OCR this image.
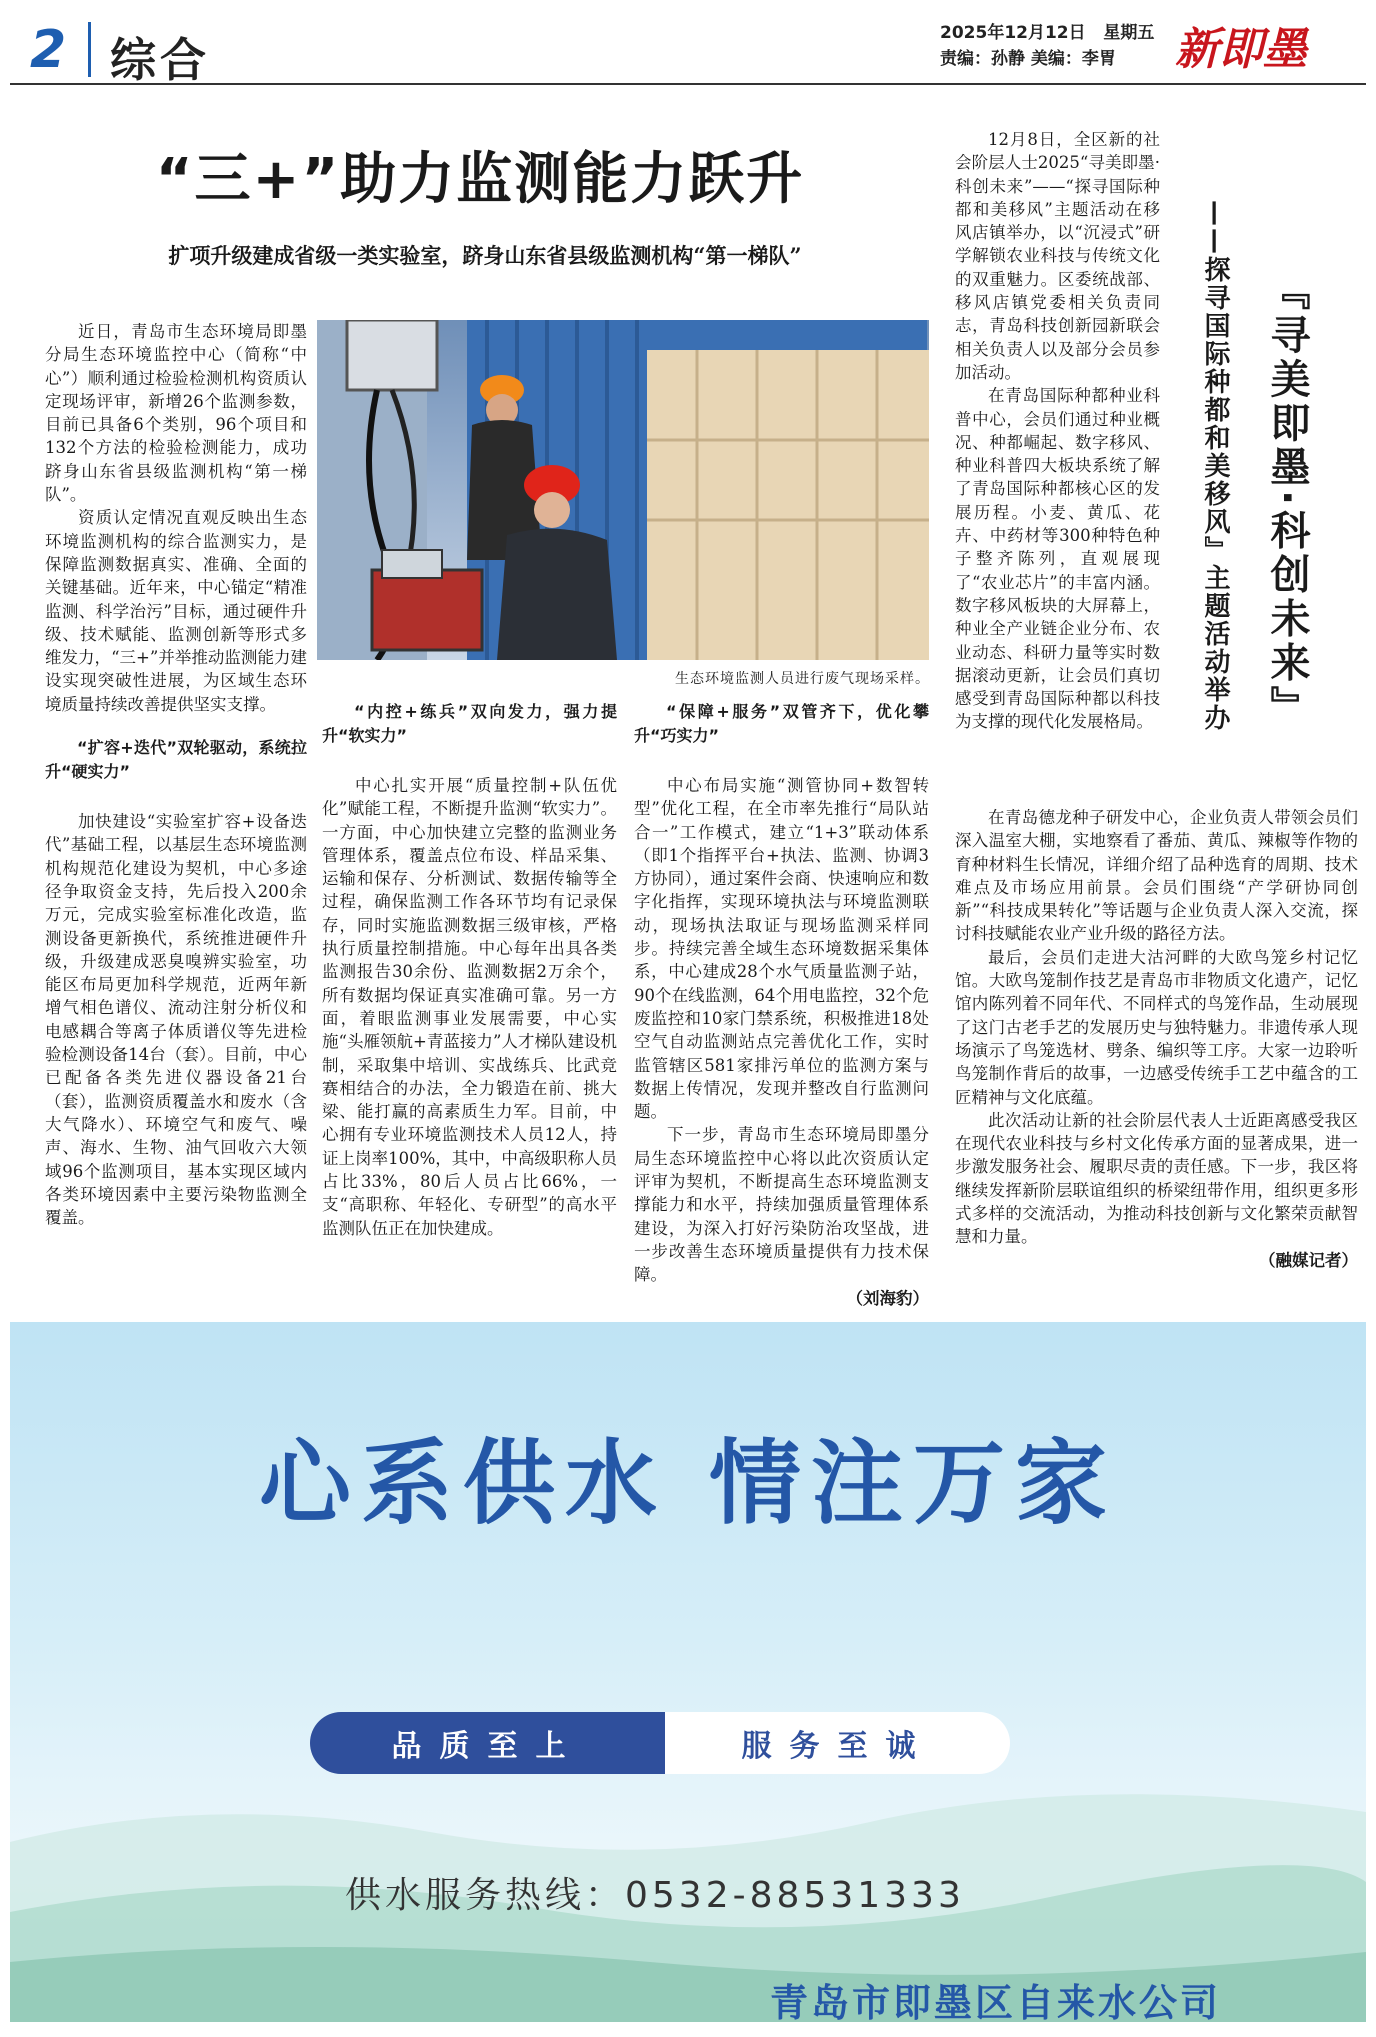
2 综合	2025年12月12日 星期五
责编：孙静 美编：李胃	新即墨
“三+”助力监测能力跃升
扩项升级建成省级一类实验室，跻身山东省县级监测机构“第一梯队”
生态环境监测人员进行废气现场采样。

近日，青岛市生态环境局即墨分局生态环境监控中心（简称“中心”）顺利通过检验检测机构资质认定现场评审，新增26个监测参数，目前已具备6个类别，96个项目和132个方法的检验检测能力，成功跻身山东省县级监测机构“第一梯队”。

资质认定情况直观反映出生态环境监测机构的综合监测实力，是保障监测数据真实、准确、全面的关键基础。近年来，中心锚定“精准监测、科学治污”目标，通过硬件升级、技术赋能、监测创新等形式多维发力，“三+”并举推动监测能力建设实现突破性进展，为区域生态环境质量持续改善提供坚实支撑。

“扩容+迭代”双轮驱动，系统拉升“硬实力”

加快建设“实验室扩容+设备迭代”基础工程，以基层生态环境监测机构规范化建设为契机，中心多途径争取资金支持，先后投入200余万元，完成实验室标准化改造，监测设备更新换代，系统推进硬件升级，升级建成恶臭嗅辨实验室，功能区布局更加科学规范，近两年新增气相色谱仪、流动注射分析仪和电感耦合等离子体质谱仪等先进检验检测设备14台（套）。目前，中心已配备各类先进仪器设备21台（套），监测资质覆盖水和废水（含大气降水）、环境空气和废气、噪声、海水、生物、油气回收六大领域96个监测项目，基本实现区域内各类环境因素中主要污染物监测全覆盖。

“内控+练兵”双向发力，强力提升“软实力”

中心扎实开展“质量控制+队伍优化”赋能工程，不断提升监测“软实力”。一方面，中心加快建立完整的监测业务管理体系，覆盖点位布设、样品采集、运输和保存、分析测试、数据传输等全过程，确保监测工作各环节均有记录保存，同时实施监测数据三级审核，严格执行质量控制措施。中心每年出具各类监测报告30余份、监测数据2万余个，所有数据均保证真实准确可靠。另一方面，着眼监测事业发展需要，中心实施“头雁领航+青蓝接力”人才梯队建设机制，采取集中培训、实战练兵、比武竞赛相结合的办法，全力锻造在前、挑大梁、能打赢的高素质生力军。目前，中心拥有专业环境监测技术人员12人，持证上岗率100%，其中，中高级职称人员占比33%，80后人员占比66%，一支“高职称、年轻化、专研型”的高水平监测队伍正在加快建成。

“保障+服务”双管齐下，优化攀升“巧实力”

中心布局实施“测管协同+数智转型”优化工程，在全市率先推行“局队站合一”工作模式，建立“1+3”联动体系（即1个指挥平台+执法、监测、协调3方协同），通过案件会商、快速响应和数字化指挥，实现环境执法与环境监测联动，现场执法取证与现场监测采样同步。持续完善全域生态环境数据采集体系，中心建成28个水气质量监测子站，90个在线监测，64个用电监控，32个危废监控和10家门禁系统，积极推进18处空气自动监测站点完善优化工作，实时监管辖区581家排污单位的监测方案与数据上传情况，发现并整改自行监测问题。

下一步，青岛市生态环境局即墨分局生态环境监控中心将以此次资质认定评审为契机，不断提高生态环境监测支撑能力和水平，持续加强质量管理体系建设，为深入打好污染防治攻坚战，进一步改善生态环境质量提供有力技术保障。

（刘海豹）
『寻美即墨·科创未来』
——探寻国际种都和美移风』主题活动举办

12月8日，全区新的社会阶层人士2025“寻美即墨·科创未来”——“探寻国际种都和美移风”主题活动在移风店镇举办，以“沉浸式”研学解锁农业科技与传统文化的双重魅力。区委统战部、移风店镇党委相关负责同志，青岛科技创新园新联会相关负责人以及部分会员参加活动。

在青岛国际种都种业科普中心，会员们通过种业概况、种都崛起、数字移风、种业科普四大板块系统了解了青岛国际种都核心区的发展历程。小麦、黄瓜、花卉、中药材等300种特色种子整齐陈列，直观展现了“农业芯片”的丰富内涵。数字移风板块的大屏幕上，种业全产业链企业分布、农业动态、科研力量等实时数据滚动更新，让会员们真切感受到青岛国际种都以科技为支撑的现代化发展格局。

在青岛德龙种子研发中心，企业负责人带领会员们深入温室大棚，实地察看了番茄、黄瓜、辣椒等作物的育种材料生长情况，详细介绍了品种选育的周期、技术难点及市场应用前景。会员们围绕“产学研协同创新”“科技成果转化”等话题与企业负责人深入交流，探讨科技赋能农业产业升级的路径方法。

最后，会员们走进大沽河畔的大欧鸟笼乡村记忆馆。大欧鸟笼制作技艺是青岛市非物质文化遗产，记忆馆内陈列着不同年代、不同样式的鸟笼作品，生动展现了这门古老手艺的发展历史与独特魅力。非遗传承人现场演示了鸟笼选材、劈条、编织等工序。大家一边聆听鸟笼制作背后的故事，一边感受传统手工艺中蕴含的工匠精神与文化底蕴。

此次活动让新的社会阶层代表人士近距离感受我区在现代农业科技与乡村文化传承方面的显著成果，进一步激发服务社会、履职尽责的责任感。下一步，我区将继续发挥新阶层联谊组织的桥梁纽带作用，组织更多形式多样的交流活动，为推动科技创新与文化繁荣贡献智慧和力量。

（融媒记者）
心系供水 情注万家
品质至上	服务至诚
供水服务热线：0532-88531333
青岛市即墨区自来水公司
